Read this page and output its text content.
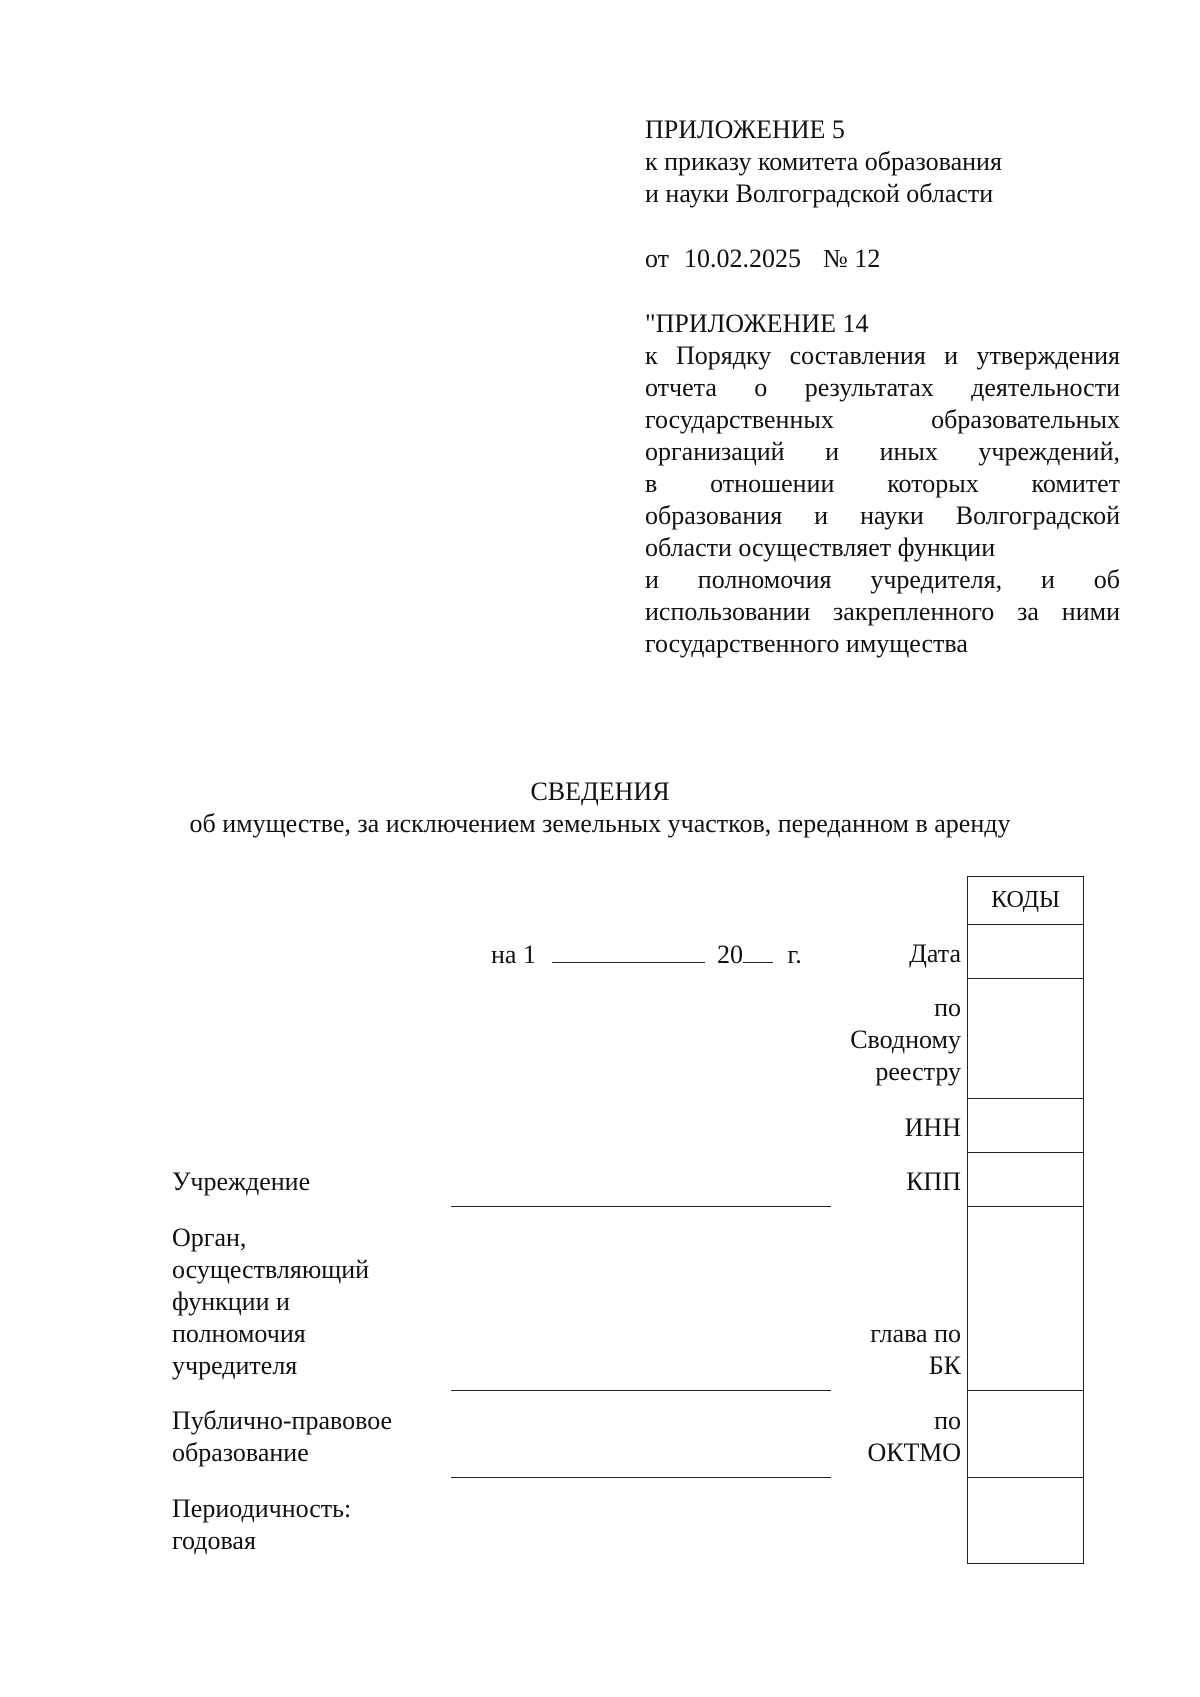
ПРИЛОЖЕНИЕ 5
к приказу комитета образования
и науки Волгоградской области
от 10.02.2025 № 12
"ПРИЛОЖЕНИЕ 14
к Порядку составления и утверждения
отчета о результатах деятельности
государственных образовательных
организаций и иных учреждений,
в отношении которых комитет
образования и науки Волгоградской
области осуществляет функции
и полномочия учредителя, и об
использовании закрепленного за ними
государственного имущества
СВЕДЕНИЯ
об имуществе, за исключением земельных участков, переданном в аренду
на 1	20 г.
КОДЫ
Дата
по
Сводному
реестру
ИНН
КПП
глава по
БК
по
ОКТМО
Учреждение
Орган,
осуществляющий
функции и
полномочия
учредителя
Публично-правовое
образование
Периодичность:
годовая
